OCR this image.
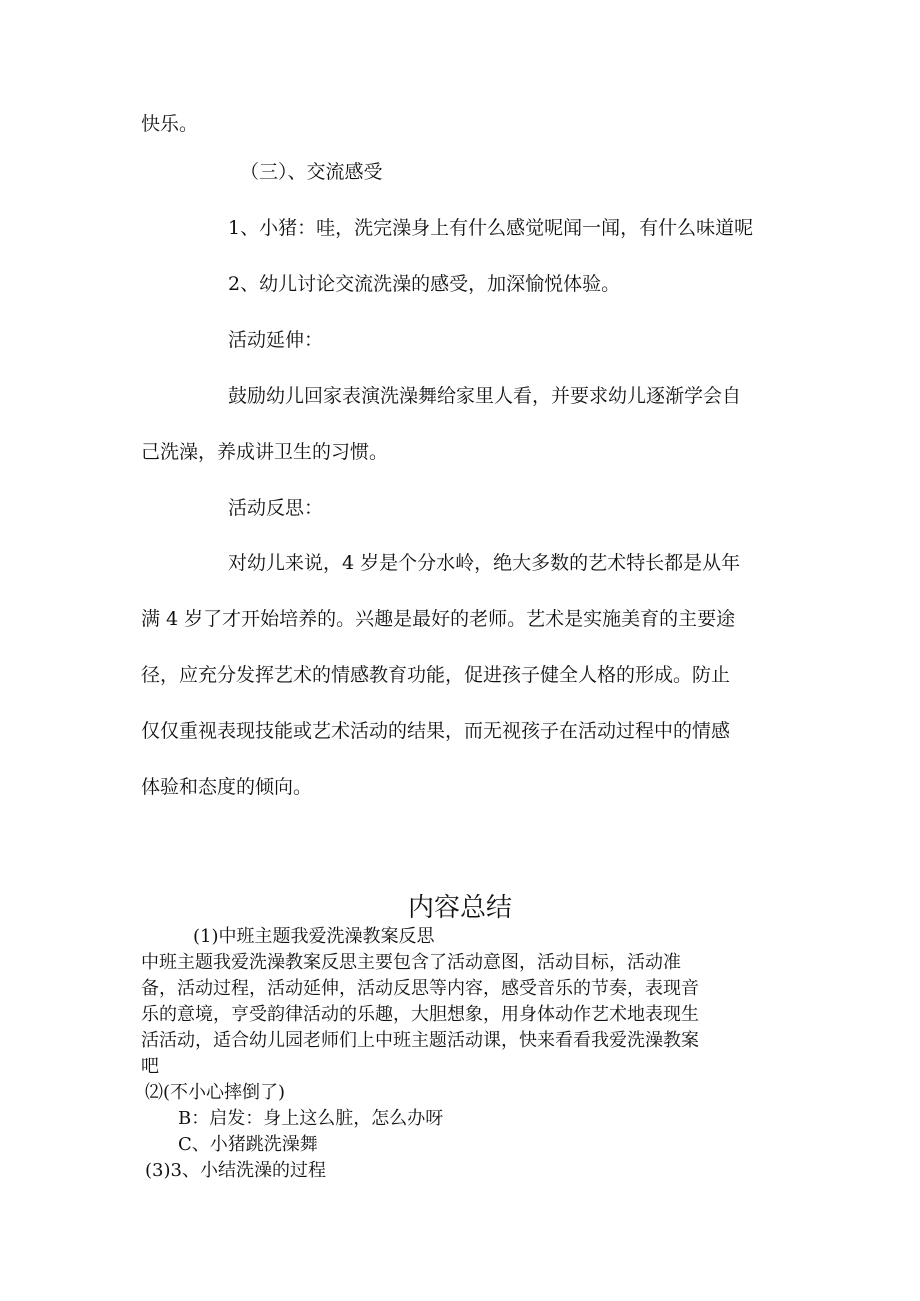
快乐。
（三）、交流感受
1、小猪：哇，洗完澡身上有什么感觉呢闻一闻，有什么味道呢
2、幼儿讨论交流洗澡的感受，加深愉悦体验。
活动延伸：
鼓励幼儿回家表演洗澡舞给家里人看，并要求幼儿逐渐学会自
己洗澡，养成讲卫生的习惯。
活动反思：
对幼儿来说，4 岁是个分水岭，绝大多数的艺术特长都是从年
满 4 岁了才开始培养的。兴趣是最好的老师。艺术是实施美育的主要途
径，应充分发挥艺术的情感教育功能，促进孩子健全人格的形成。防止
仅仅重视表现技能或艺术活动的结果，而无视孩子在活动过程中的情感
体验和态度的倾向。
内容总结
(1)中班主题我爱洗澡教案反思
中班主题我爱洗澡教案反思主要包含了活动意图，活动目标，活动准
备，活动过程，活动延伸，活动反思等内容，感受音乐的节奏，表现音
乐的意境，亨受韵律活动的乐趣，大胆想象，用身体动作艺术地表现生
活活动，适合幼儿园老师们上中班主题活动课，快来看看我爱洗澡教案
吧
⑵(不小心摔倒了)
B：启发：身上这么脏，怎么办呀
C、小猪跳洗澡舞
(3)3、小结洗澡的过程
